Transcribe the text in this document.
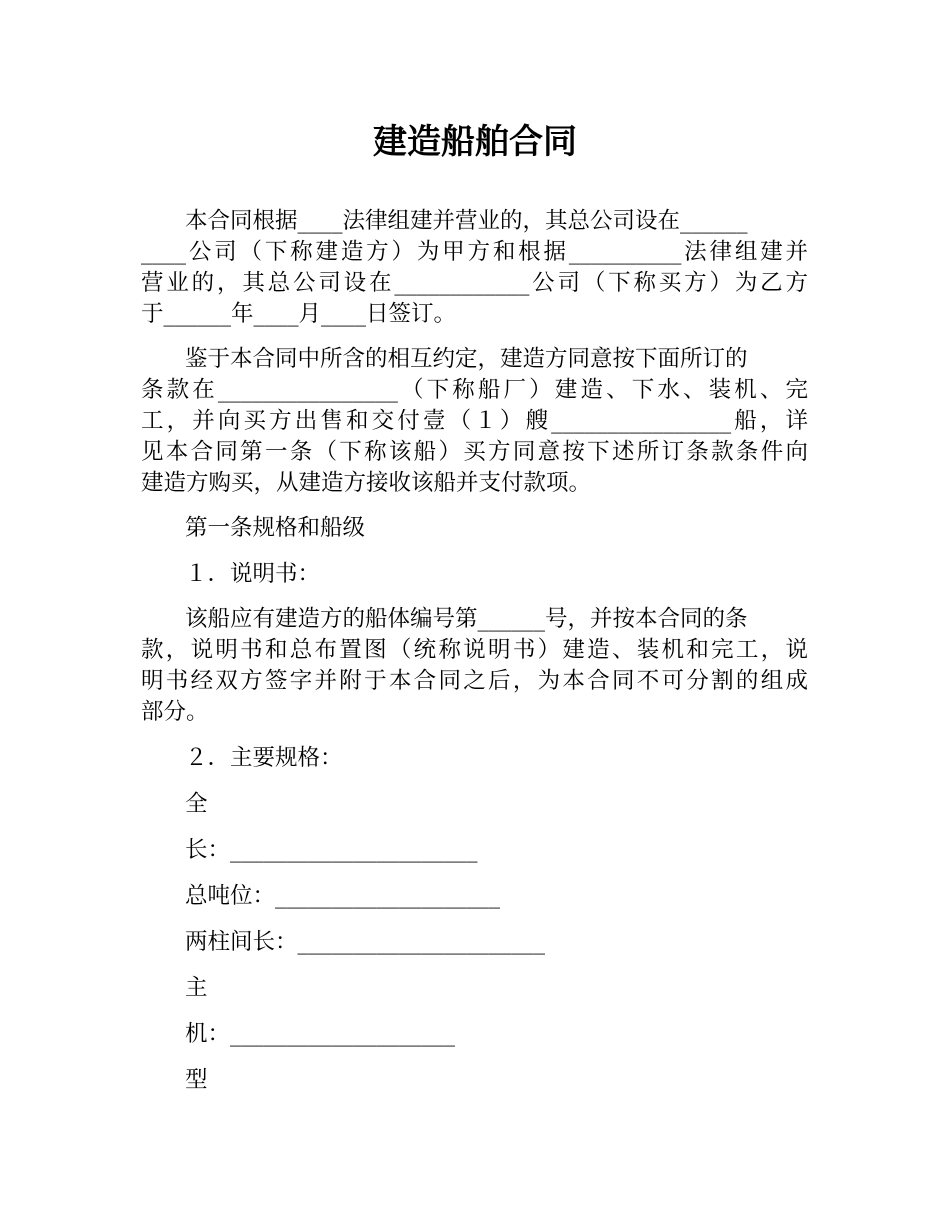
建造船舶合同
本合同根据____法律组建并营业的，其总公司设在______
____公司（下称建造方）为甲方和根据__________法律组建并
营业的，其总公司设在____________公司（下称买方）为乙方
于______年____月____日签订。
鉴于本合同中所含的相互约定，建造方同意按下面所订的
条款在________________（下称船厂）建造、下水、装机、完
工，并向买方出售和交付壹（１）艘________________船，详
见本合同第一条（下称该船）买方同意按下述所订条款条件向
建造方购买，从建造方接收该船并支付款项。
第一条规格和船级
１．说明书：
该船应有建造方的船体编号第______号，并按本合同的条
款，说明书和总布置图（统称说明书）建造、装机和完工，说
明书经双方签字并附于本合同之后，为本合同不可分割的组成
部分。
２．主要规格：
全
长：______________________
总吨位：____________________
两柱间长：______________________
主
机：____________________
型
